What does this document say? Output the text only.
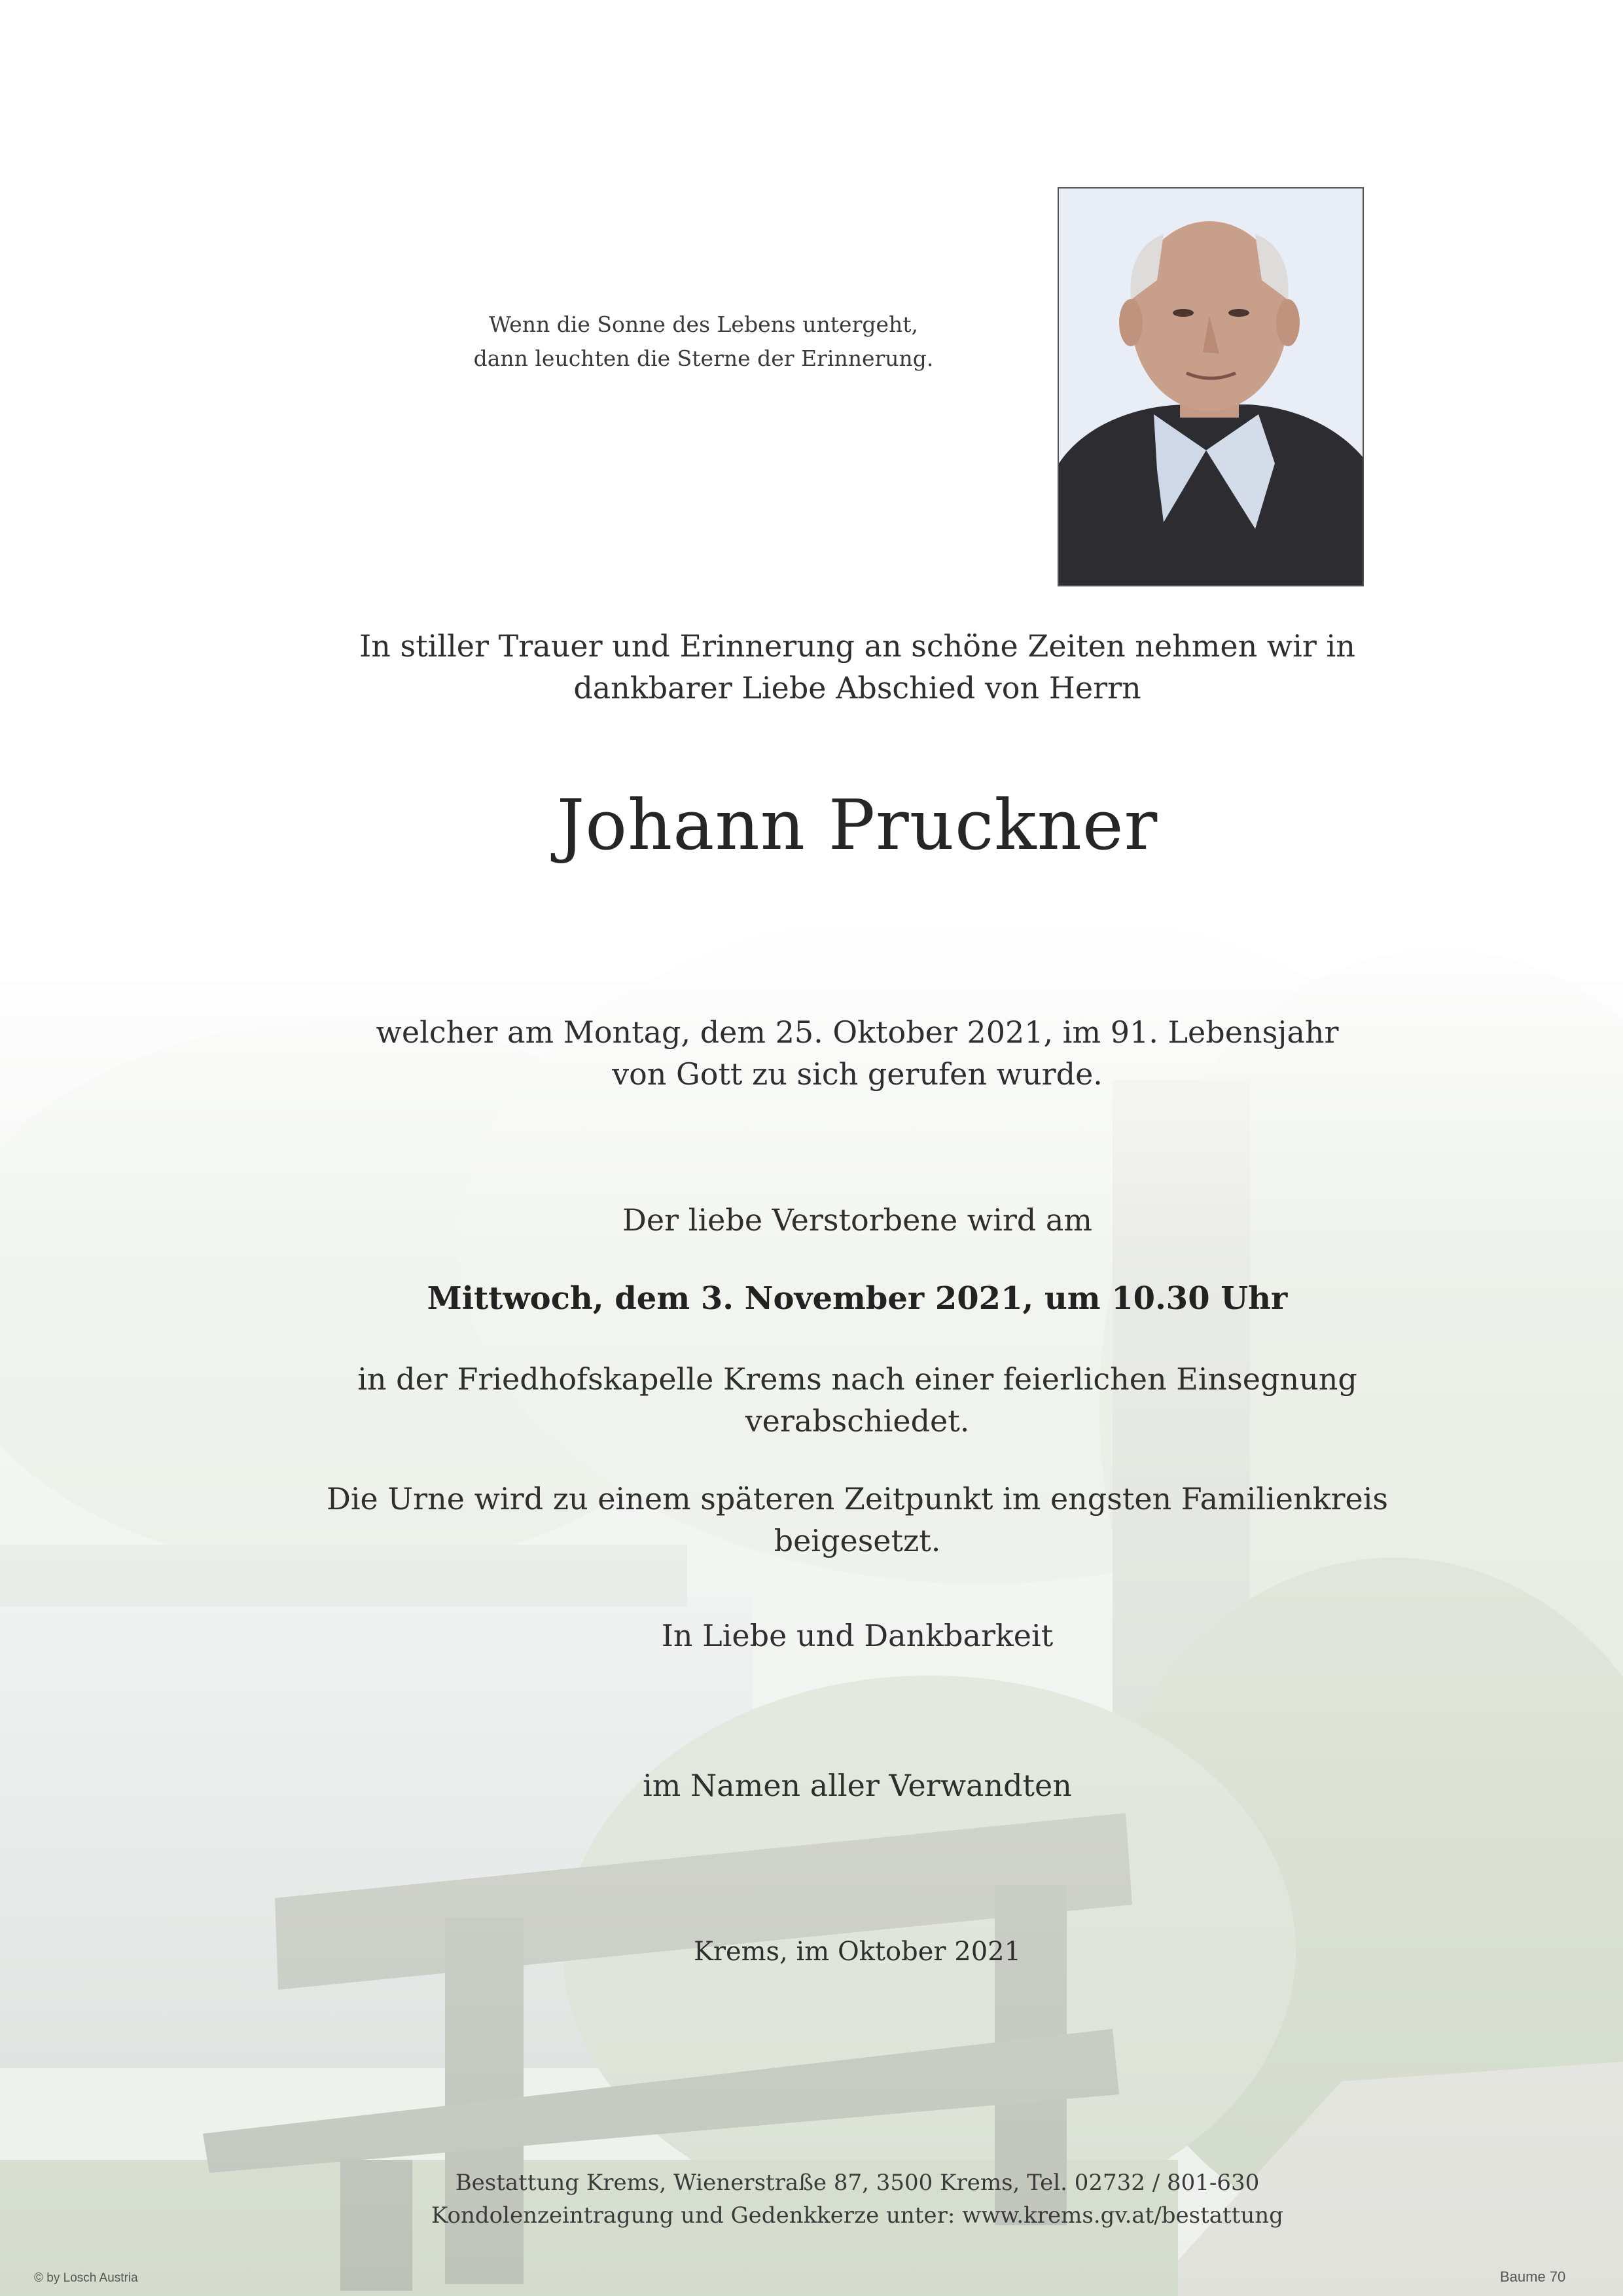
Wenn die Sonne des Lebens untergeht,
dann leuchten die Sterne der Erinnerung.
In stiller Trauer und Erinnerung an schöne Zeiten nehmen wir in
dankbarer Liebe Abschied von Herrn
Johann Pruckner
welcher am Montag, dem 25. Oktober 2021, im 91. Lebensjahr
von Gott zu sich gerufen wurde.
Der liebe Verstorbene wird am
Mittwoch, dem 3. November 2021, um 10.30 Uhr
in der Friedhofskapelle Krems nach einer feierlichen Einsegnung
verabschiedet.
Die Urne wird zu einem späteren Zeitpunkt im engsten Familienkreis
beigesetzt.
In Liebe und Dankbarkeit
im Namen aller Verwandten
Krems, im Oktober 2021
Bestattung Krems, Wienerstraße 87, 3500 Krems, Tel. 02732 / 801-630
Kondolenzeintragung und Gedenkkerze unter: www.krems.gv.at/bestattung
© by Losch Austria	Baume 70
